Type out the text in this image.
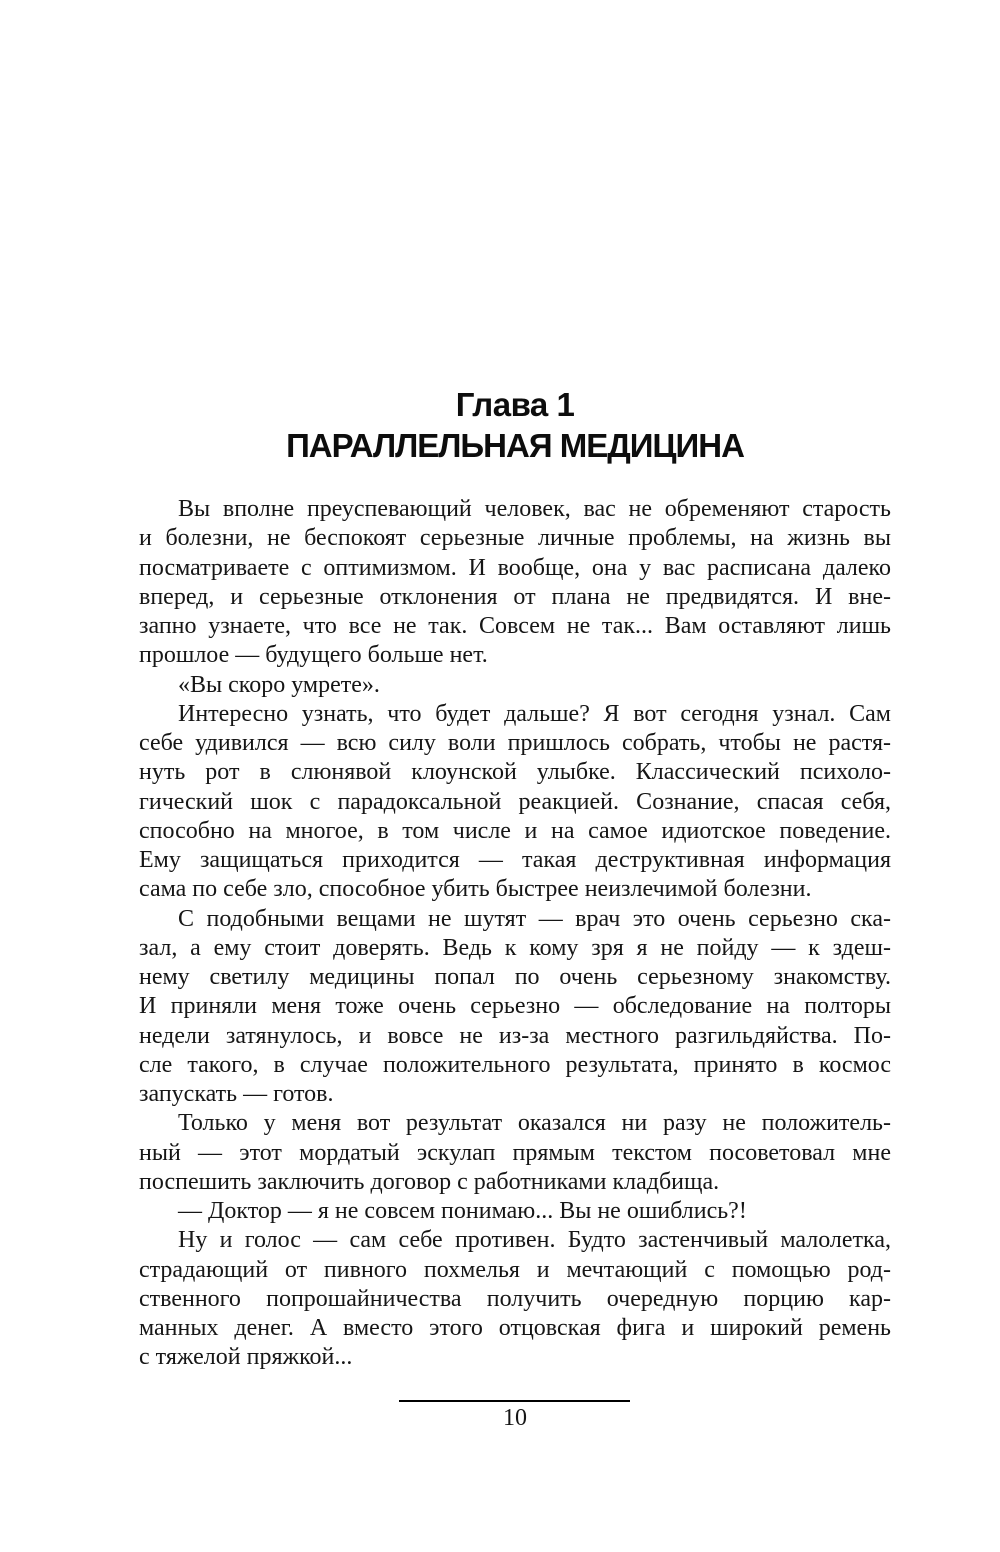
Глава 1
ПАРАЛЛЕЛЬНАЯ МЕДИЦИНА
Вы вполне преуспевающий человек, вас не обременяют старость
и болезни, не беспокоят серьезные личные проблемы, на жизнь вы
посматриваете с оптимизмом. И вообще, она у вас расписана далеко
вперед, и серьезные отклонения от плана не предвидятся. И вне-
запно узнаете, что все не так. Совсем не так... Вам оставляют лишь
прошлое — будущего больше нет.
«Вы скоро умрете».
Интересно узнать, что будет дальше? Я вот сегодня узнал. Сам
себе удивился — всю силу воли пришлось собрать, чтобы не растя-
нуть рот в слюнявой клоунской улыбке. Классический психоло-
гический шок с парадоксальной реакцией. Сознание, спасая себя,
способно на многое, в том числе и на самое идиотское поведение.
Ему защищаться приходится — такая деструктивная информация
сама по себе зло, способное убить быстрее неизлечимой болезни.
С подобными вещами не шутят — врач это очень серьезно ска-
зал, а ему стоит доверять. Ведь к кому зря я не пойду — к здеш-
нему светилу медицины попал по очень серьезному знакомству.
И приняли меня тоже очень серьезно — обследование на полторы
недели затянулось, и вовсе не из-за местного разгильдяйства. По-
сле такого, в случае положительного результата, принято в космос
запускать — готов.
Только у меня вот результат оказался ни разу не положитель-
ный — этот мордатый эскулап прямым текстом посоветовал мне
поспешить заключить договор с работниками кладбища.
— Доктор — я не совсем понимаю... Вы не ошиблись?!
Ну и голос — сам себе противен. Будто застенчивый малолетка,
страдающий от пивного похмелья и мечтающий с помощью род-
ственного попрошайничества получить очередную порцию кар-
манных денег. А вместо этого отцовская фига и широкий ремень
с тяжелой пряжкой...
10
